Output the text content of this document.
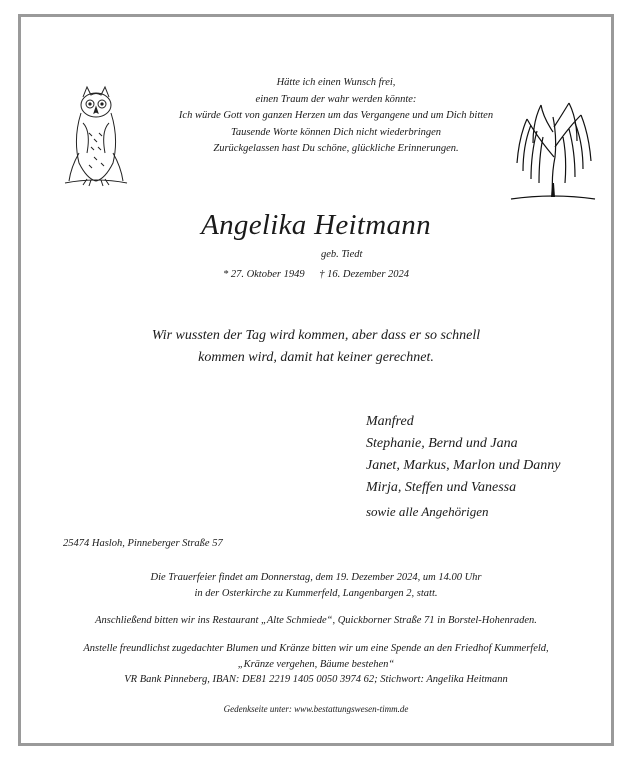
Hätte ich einen Wunsch frei,
einen Traum der wahr werden könnte:
Ich würde Gott von ganzen Herzen um das Vergangene und um Dich bitten
Tausende Worte können Dich nicht wiederbringen
Zurückgelassen hast Du schöne, glückliche Erinnerungen.
Angelika Heitmann
geb. Tiedt
* 27. Oktober 1949 † 16. Dezember 2024
Wir wussten der Tag wird kommen, aber dass er so schnell
kommen wird, damit hat keiner gerechnet.
Manfred
Stephanie, Bernd und Jana
Janet, Markus, Marlon und Danny
Mirja, Steffen und Vanessa
sowie alle Angehörigen
25474 Hasloh, Pinneberger Straße 57
Die Trauerfeier findet am Donnerstag, dem 19. Dezember 2024, um 14.00 Uhr
in der Osterkirche zu Kummerfeld, Langenbargen 2, statt.
Anschließend bitten wir ins Restaurant „Alte Schmiede“, Quickborner Straße 71 in Borstel-Hohenraden.
Anstelle freundlichst zugedachter Blumen und Kränze bitten wir um eine Spende an den Friedhof Kummerfeld,
„Kränze vergehen, Bäume bestehen“
VR Bank Pinneberg, IBAN: DE81 2219 1405 0050 3974 62; Stichwort: Angelika Heitmann
Gedenkseite unter: www.bestattungswesen-timm.de
